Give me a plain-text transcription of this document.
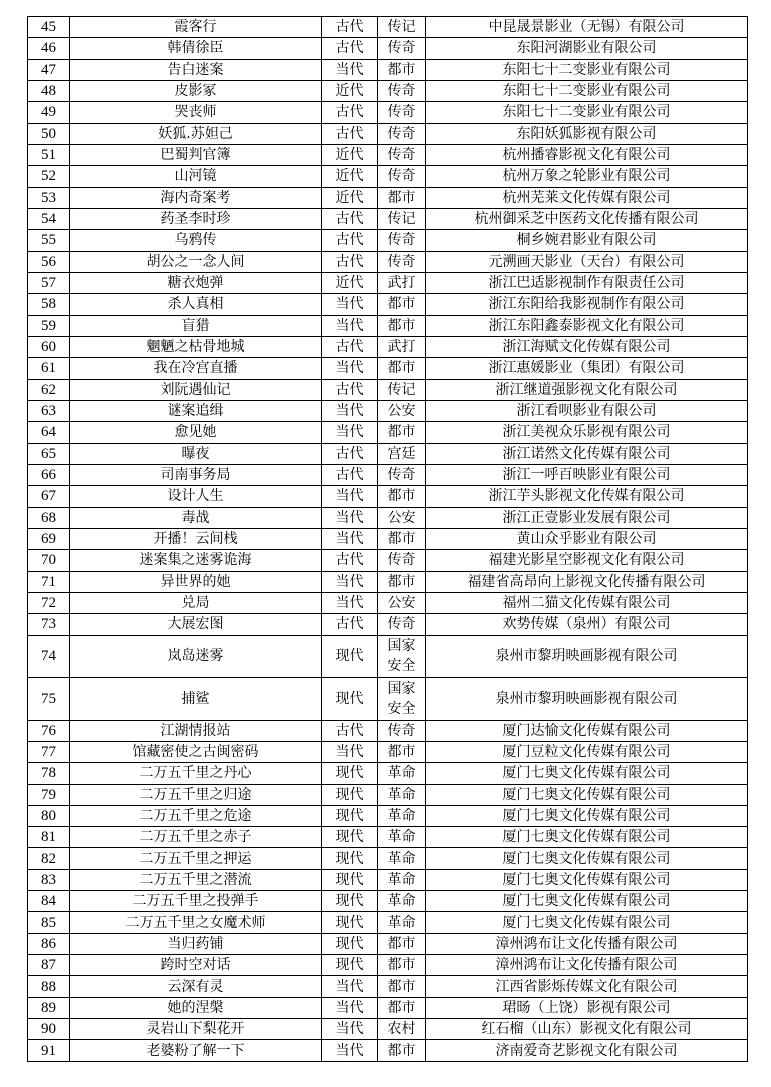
45	霞客行	古代	传记	中昆晟景影业（无锡）有限公司
46	韩倩徐臣	古代	传奇	东阳河湖影业有限公司
47	告白迷案	当代	都市	东阳七十二变影业有限公司
48	皮影冢	近代	传奇	东阳七十二变影业有限公司
49	哭丧师	古代	传奇	东阳七十二变影业有限公司
50	妖狐.苏妲己	古代	传奇	东阳妖狐影视有限公司
51	巴蜀判官簿	近代	传奇	杭州播睿影视文化有限公司
52	山河镜	近代	传奇	杭州万象之轮影业有限公司
53	海内奇案考	近代	都市	杭州芜莱文化传媒有限公司
54	药圣李时珍	古代	传记	杭州御采芝中医药文化传播有限公司
55	乌鸦传	古代	传奇	桐乡婉君影业有限公司
56	胡公之一念人间	古代	传奇	元溯画天影业（天台）有限公司
57	糖衣炮弹	近代	武打	浙江巴适影视制作有限责任公司
58	杀人真相	当代	都市	浙江东阳给我影视制作有限公司
59	盲猎	当代	都市	浙江东阳鑫泰影视文化有限公司
60	魍魉之枯骨地城	古代	武打	浙江海赋文化传媒有限公司
61	我在冷宫直播	当代	都市	浙江惠媛影业（集团）有限公司
62	刘阮遇仙记	古代	传记	浙江继道强影视文化有限公司
63	谜案追缉	当代	公安	浙江看呗影业有限公司
64	愈见她	当代	都市	浙江美视众乐影视有限公司
65	曝夜	古代	宫廷	浙江诺然文化传媒有限公司
66	司南事务局	古代	传奇	浙江一呼百映影业有限公司
67	设计人生	当代	都市	浙江芋头影视文化传媒有限公司
68	毒战	当代	公安	浙江正壹影业发展有限公司
69	开播！云间栈	当代	都市	黄山众乎影业有限公司
70	迷案集之迷雾诡海	古代	传奇	福建光影星空影视文化有限公司
71	异世界的她	当代	都市	福建省高昂向上影视文化传播有限公司
72	兑局	当代	公安	福州二猫文化传媒有限公司
73	大展宏图	古代	传奇	欢势传媒（泉州）有限公司
74	岚岛迷雾	现代	国家
安全	泉州市黎玥映画影视有限公司
75	捕鲨	现代	国家
安全	泉州市黎玥映画影视有限公司
76	江湖情报站	古代	传奇	厦门达愉文化传媒有限公司
77	馆藏密使之古闽密码	当代	都市	厦门豆粒文化传媒有限公司
78	二万五千里之丹心	现代	革命	厦门七奥文化传媒有限公司
79	二万五千里之归途	现代	革命	厦门七奥文化传媒有限公司
80	二万五千里之危途	现代	革命	厦门七奥文化传媒有限公司
81	二万五千里之赤子	现代	革命	厦门七奥文化传媒有限公司
82	二万五千里之押运	现代	革命	厦门七奥文化传媒有限公司
83	二万五千里之潜流	现代	革命	厦门七奥文化传媒有限公司
84	二万五千里之投弹手	现代	革命	厦门七奥文化传媒有限公司
85	二万五千里之女魔术师	现代	革命	厦门七奥文化传媒有限公司
86	当归药铺	现代	都市	漳州鸿布让文化传播有限公司
87	跨时空对话	现代	都市	漳州鸿布让文化传播有限公司
88	云深有灵	当代	都市	江西省影烁传媒文化有限公司
89	她的涅槃	当代	都市	珺旸（上饶）影视有限公司
90	灵岩山下梨花开	当代	农村	红石榴（山东）影视文化有限公司
91	老婆粉了解一下	当代	都市	济南爱奇艺影视文化有限公司
